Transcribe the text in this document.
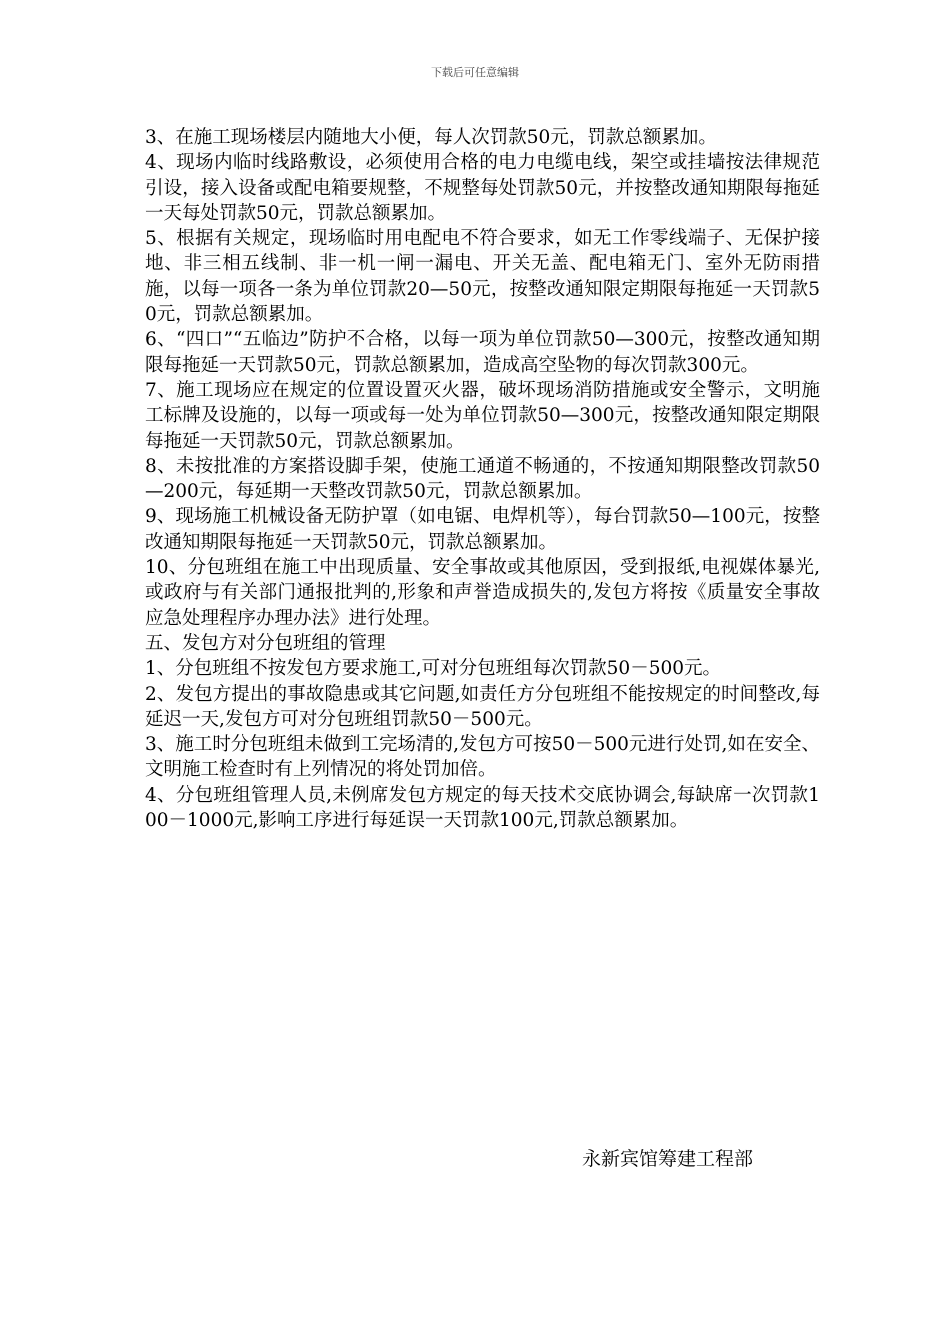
下载后可任意编辑

3、在施工现场楼层内随地大小便，每人次罚款50元，罚款总额累加。

4、现场内临时线路敷设，必须使用合格的电力电缆电线，架空或挂墙按法律规范引设，接入设备或配电箱要规整，不规整每处罚款50元，并按整改通知期限每拖延一天每处罚款50元，罚款总额累加。

5、根据有关规定，现场临时用电配电不符合要求，如无工作零线端子、无保护接地、非三相五线制、非一机一闸一漏电、开关无盖、配电箱无门、室外无防雨措施，以每一项各一条为单位罚款20—50元，按整改通知限定期限每拖延一天罚款50元，罚款总额累加。

6、“四口”“五临边”防护不合格，以每一项为单位罚款50—300元，按整改通知期限每拖延一天罚款50元，罚款总额累加，造成高空坠物的每次罚款300元。

7、施工现场应在规定的位置设置灭火器，破坏现场消防措施或安全警示，文明施工标牌及设施的，以每一项或每一处为单位罚款50—300元，按整改通知限定期限每拖延一天罚款50元，罚款总额累加。

8、未按批准的方案搭设脚手架，使施工通道不畅通的，不按通知期限整改罚款50—200元，每延期一天整改罚款50元，罚款总额累加。

9、现场施工机械设备无防护罩（如电锯、电焊机等），每台罚款50—100元，按整改通知期限每拖延一天罚款50元，罚款总额累加。

10、分包班组在施工中出现质量、安全事故或其他原因，受到报纸,电视媒体暴光,或政府与有关部门通报批判的,形象和声誉造成损失的,发包方将按《质量安全事故应急处理程序办理办法》进行处理。

五、发包方对分包班组的管理

1、分包班组不按发包方要求施工,可对分包班组每次罚款50－500元。

2、发包方提出的事故隐患或其它问题,如责任方分包班组不能按规定的时间整改,每延迟一天,发包方可对分包班组罚款50－500元。

3、施工时分包班组未做到工完场清的,发包方可按50－500元进行处罚,如在安全、文明施工检查时有上列情况的将处罚加倍。

4、分包班组管理人员,未例席发包方规定的每天技术交底协调会,每缺席一次罚款100－1000元,影响工序进行每延误一天罚款100元,罚款总额累加。

永新宾馆筹建工程部
